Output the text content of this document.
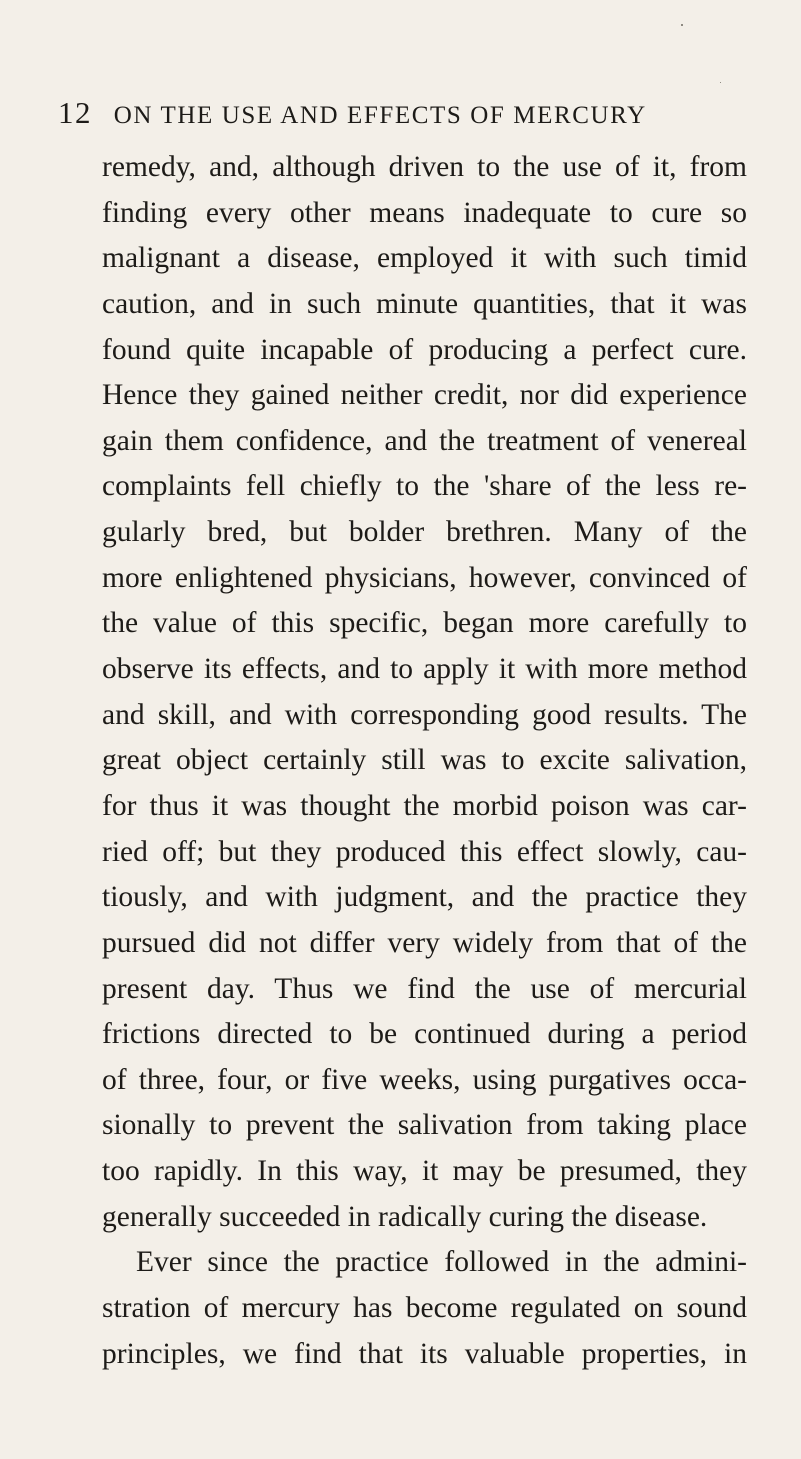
12 ON THE USE AND EFFECTS OF MERCURY
remedy, and, although driven to the use of it, from
finding every other means inadequate to cure so
malignant a disease, employed it with such timid
caution, and in such minute quantities, that it was
found quite incapable of producing a perfect cure.
Hence they gained neither credit, nor did experience
gain them confidence, and the treatment of venereal
complaints fell chiefly to the 'share of the less re-
gularly bred, but bolder brethren. Many of the
more enlightened physicians, however, convinced of
the value of this specific, began more carefully to
observe its effects, and to apply it with more method
and skill, and with corresponding good results. The
great object certainly still was to excite salivation,
for thus it was thought the morbid poison was car-
ried off; but they produced this effect slowly, cau-
tiously, and with judgment, and the practice they
pursued did not differ very widely from that of the
present day. Thus we find the use of mercurial
frictions directed to be continued during a period
of three, four, or five weeks, using purgatives occa-
sionally to prevent the salivation from taking place
too rapidly. In this way, it may be presumed, they
generally succeeded in radically curing the disease.
Ever since the practice followed in the admini-
stration of mercury has become regulated on sound
principles, we find that its valuable properties, in
